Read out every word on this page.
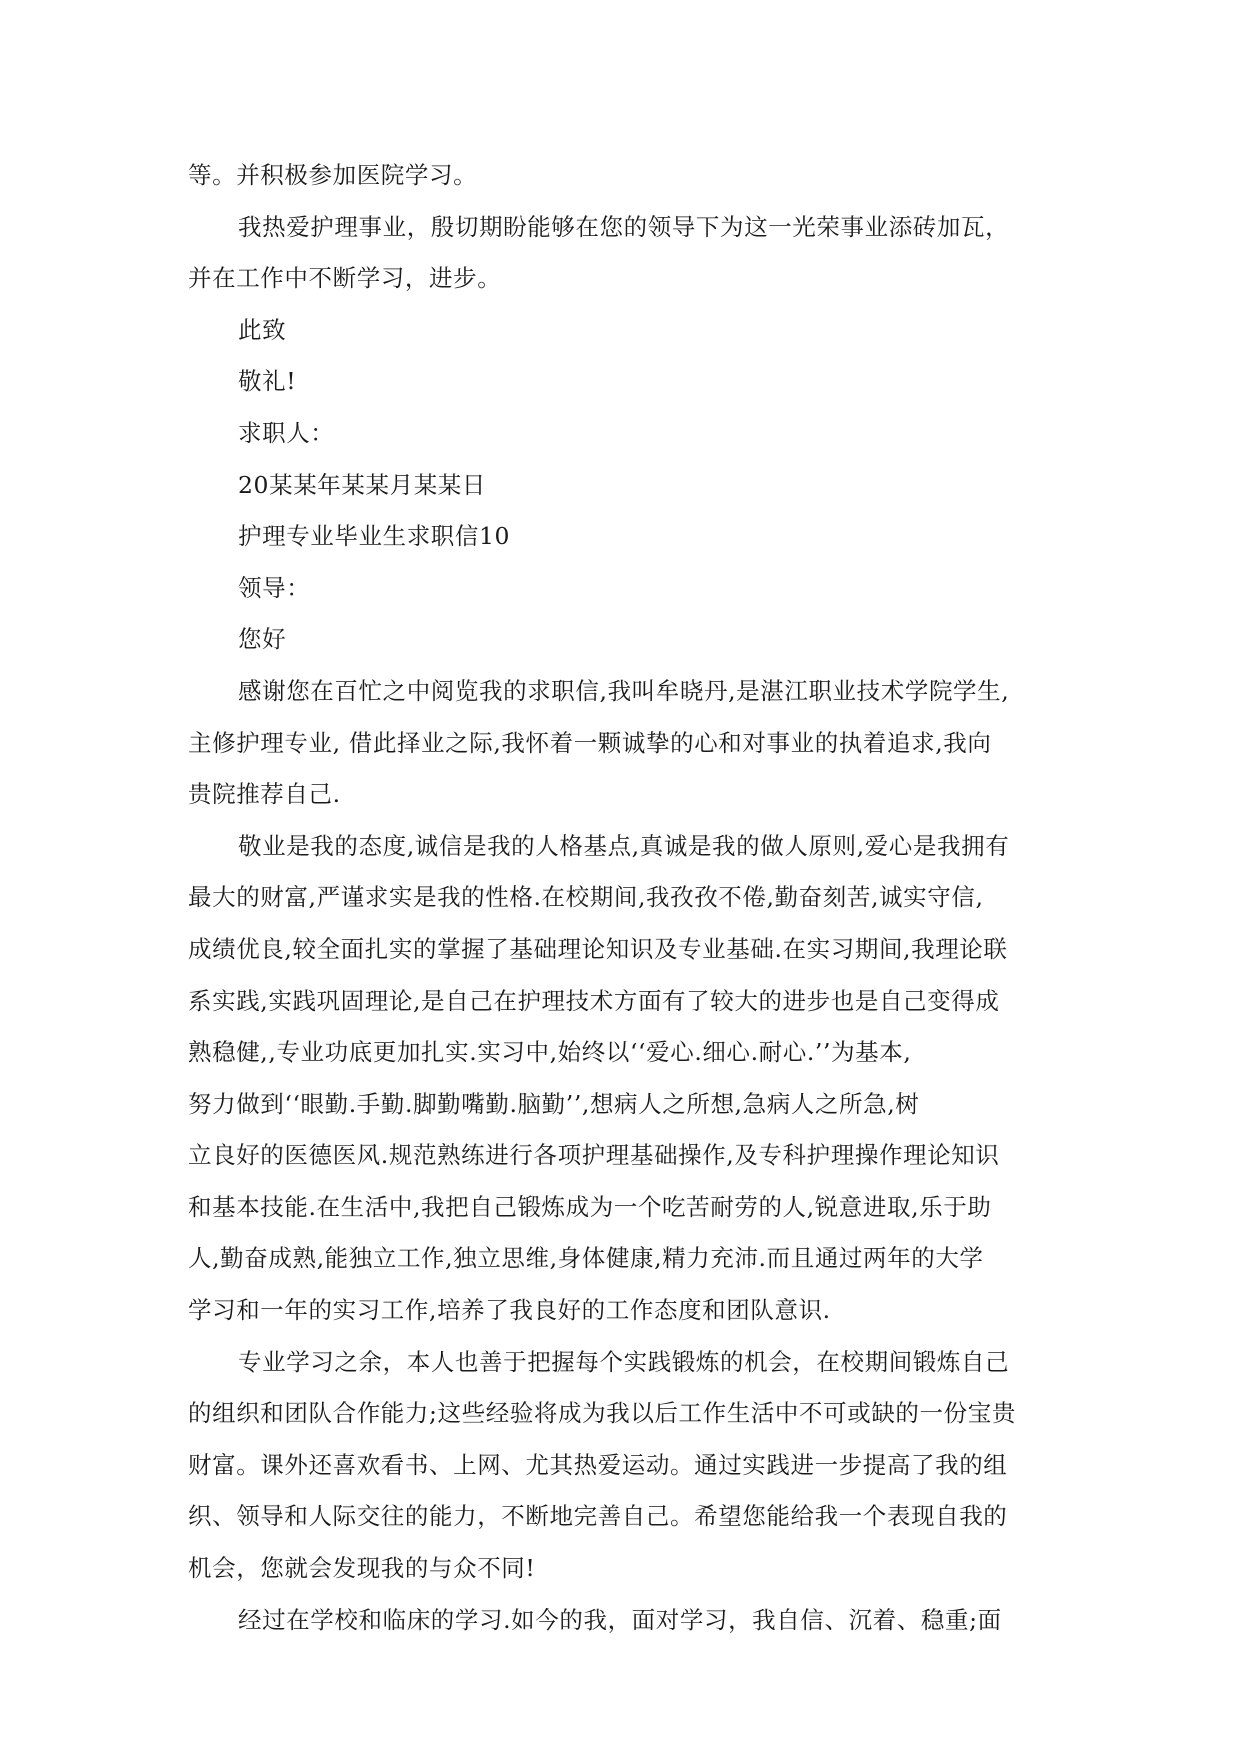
等。并积极参加医院学习。

我热爱护理事业，殷切期盼能够在您的领导下为这一光荣事业添砖加瓦，
并在工作中不断学习，进步。

此致

敬礼!

求职人：

20某某年某某月某某日

护理专业毕业生求职信10

领导：

您好

感谢您在百忙之中阅览我的求职信,我叫牟晓丹,是湛江职业技术学院学生,
主修护理专业, 借此择业之际,我怀着一颗诚挚的心和对事业的执着追求,我向
贵院推荐自己.

敬业是我的态度,诚信是我的人格基点,真诚是我的做人原则,爱心是我拥有
最大的财富,严谨求实是我的性格.在校期间,我孜孜不倦,勤奋刻苦,诚实守信,
成绩优良,较全面扎实的掌握了基础理论知识及专业基础.在实习期间,我理论联
系实践,实践巩固理论,是自己在护理技术方面有了较大的进步也是自己变得成
熟稳健,,专业功底更加扎实.实习中,始终以‘‘爱心.细心.耐心.’’为基本,
努力做到‘‘眼勤.手勤.脚勤嘴勤.脑勤’’,想病人之所想,急病人之所急,树
立良好的医德医风.规范熟练进行各项护理基础操作,及专科护理操作理论知识
和基本技能.在生活中,我把自己锻炼成为一个吃苦耐劳的人,锐意进取,乐于助
人,勤奋成熟,能独立工作,独立思维,身体健康,精力充沛.而且通过两年的大学
学习和一年的实习工作,培养了我良好的工作态度和团队意识.

专业学习之余，本人也善于把握每个实践锻炼的机会，在校期间锻炼自己
的组织和团队合作能力;这些经验将成为我以后工作生活中不可或缺的一份宝贵
财富。课外还喜欢看书、上网、尤其热爱运动。通过实践进一步提高了我的组
织、领导和人际交往的能力，不断地完善自己。希望您能给我一个表现自我的
机会，您就会发现我的与众不同!

经过在学校和临床的学习.如今的我，面对学习，我自信、沉着、稳重;面
